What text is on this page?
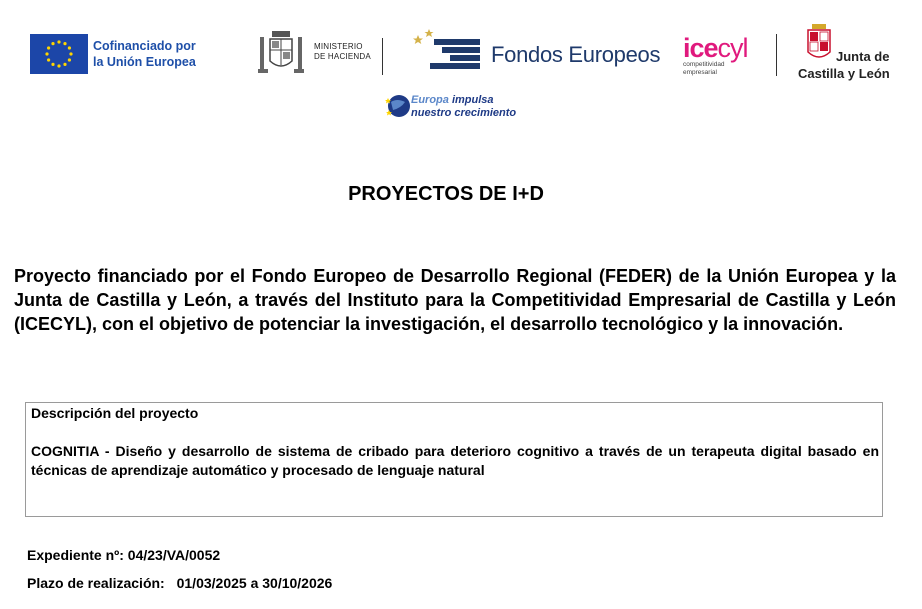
Cofinanciado por
la Unión Europea
MINISTERIO
DE HACIENDA	Fondos Europeos icecyl
competitividad
empresarial
Junta de
Castilla y León
Europa impulsa
nuestro crecimiento
PROYECTOS DE I+D
Proyecto financiado por el Fondo Europeo de Desarrollo Regional (FEDER) de la Unión Europea y la Junta de Castilla y León, a través del Instituto para la Competitividad Empresarial de Castilla y León (ICECYL), con el objetivo de potenciar la investigación, el desarrollo tecnológico y la innovación.
Descripción del proyecto
COGNITIA - Diseño y desarrollo de sistema de cribado para deterioro cognitivo a través de un terapeuta digital basado en técnicas de aprendizaje automático y procesado de lenguaje natural
Expediente nº: 04/23/VA/0052
Plazo de realización: 01/03/2025 a 30/10/2026
